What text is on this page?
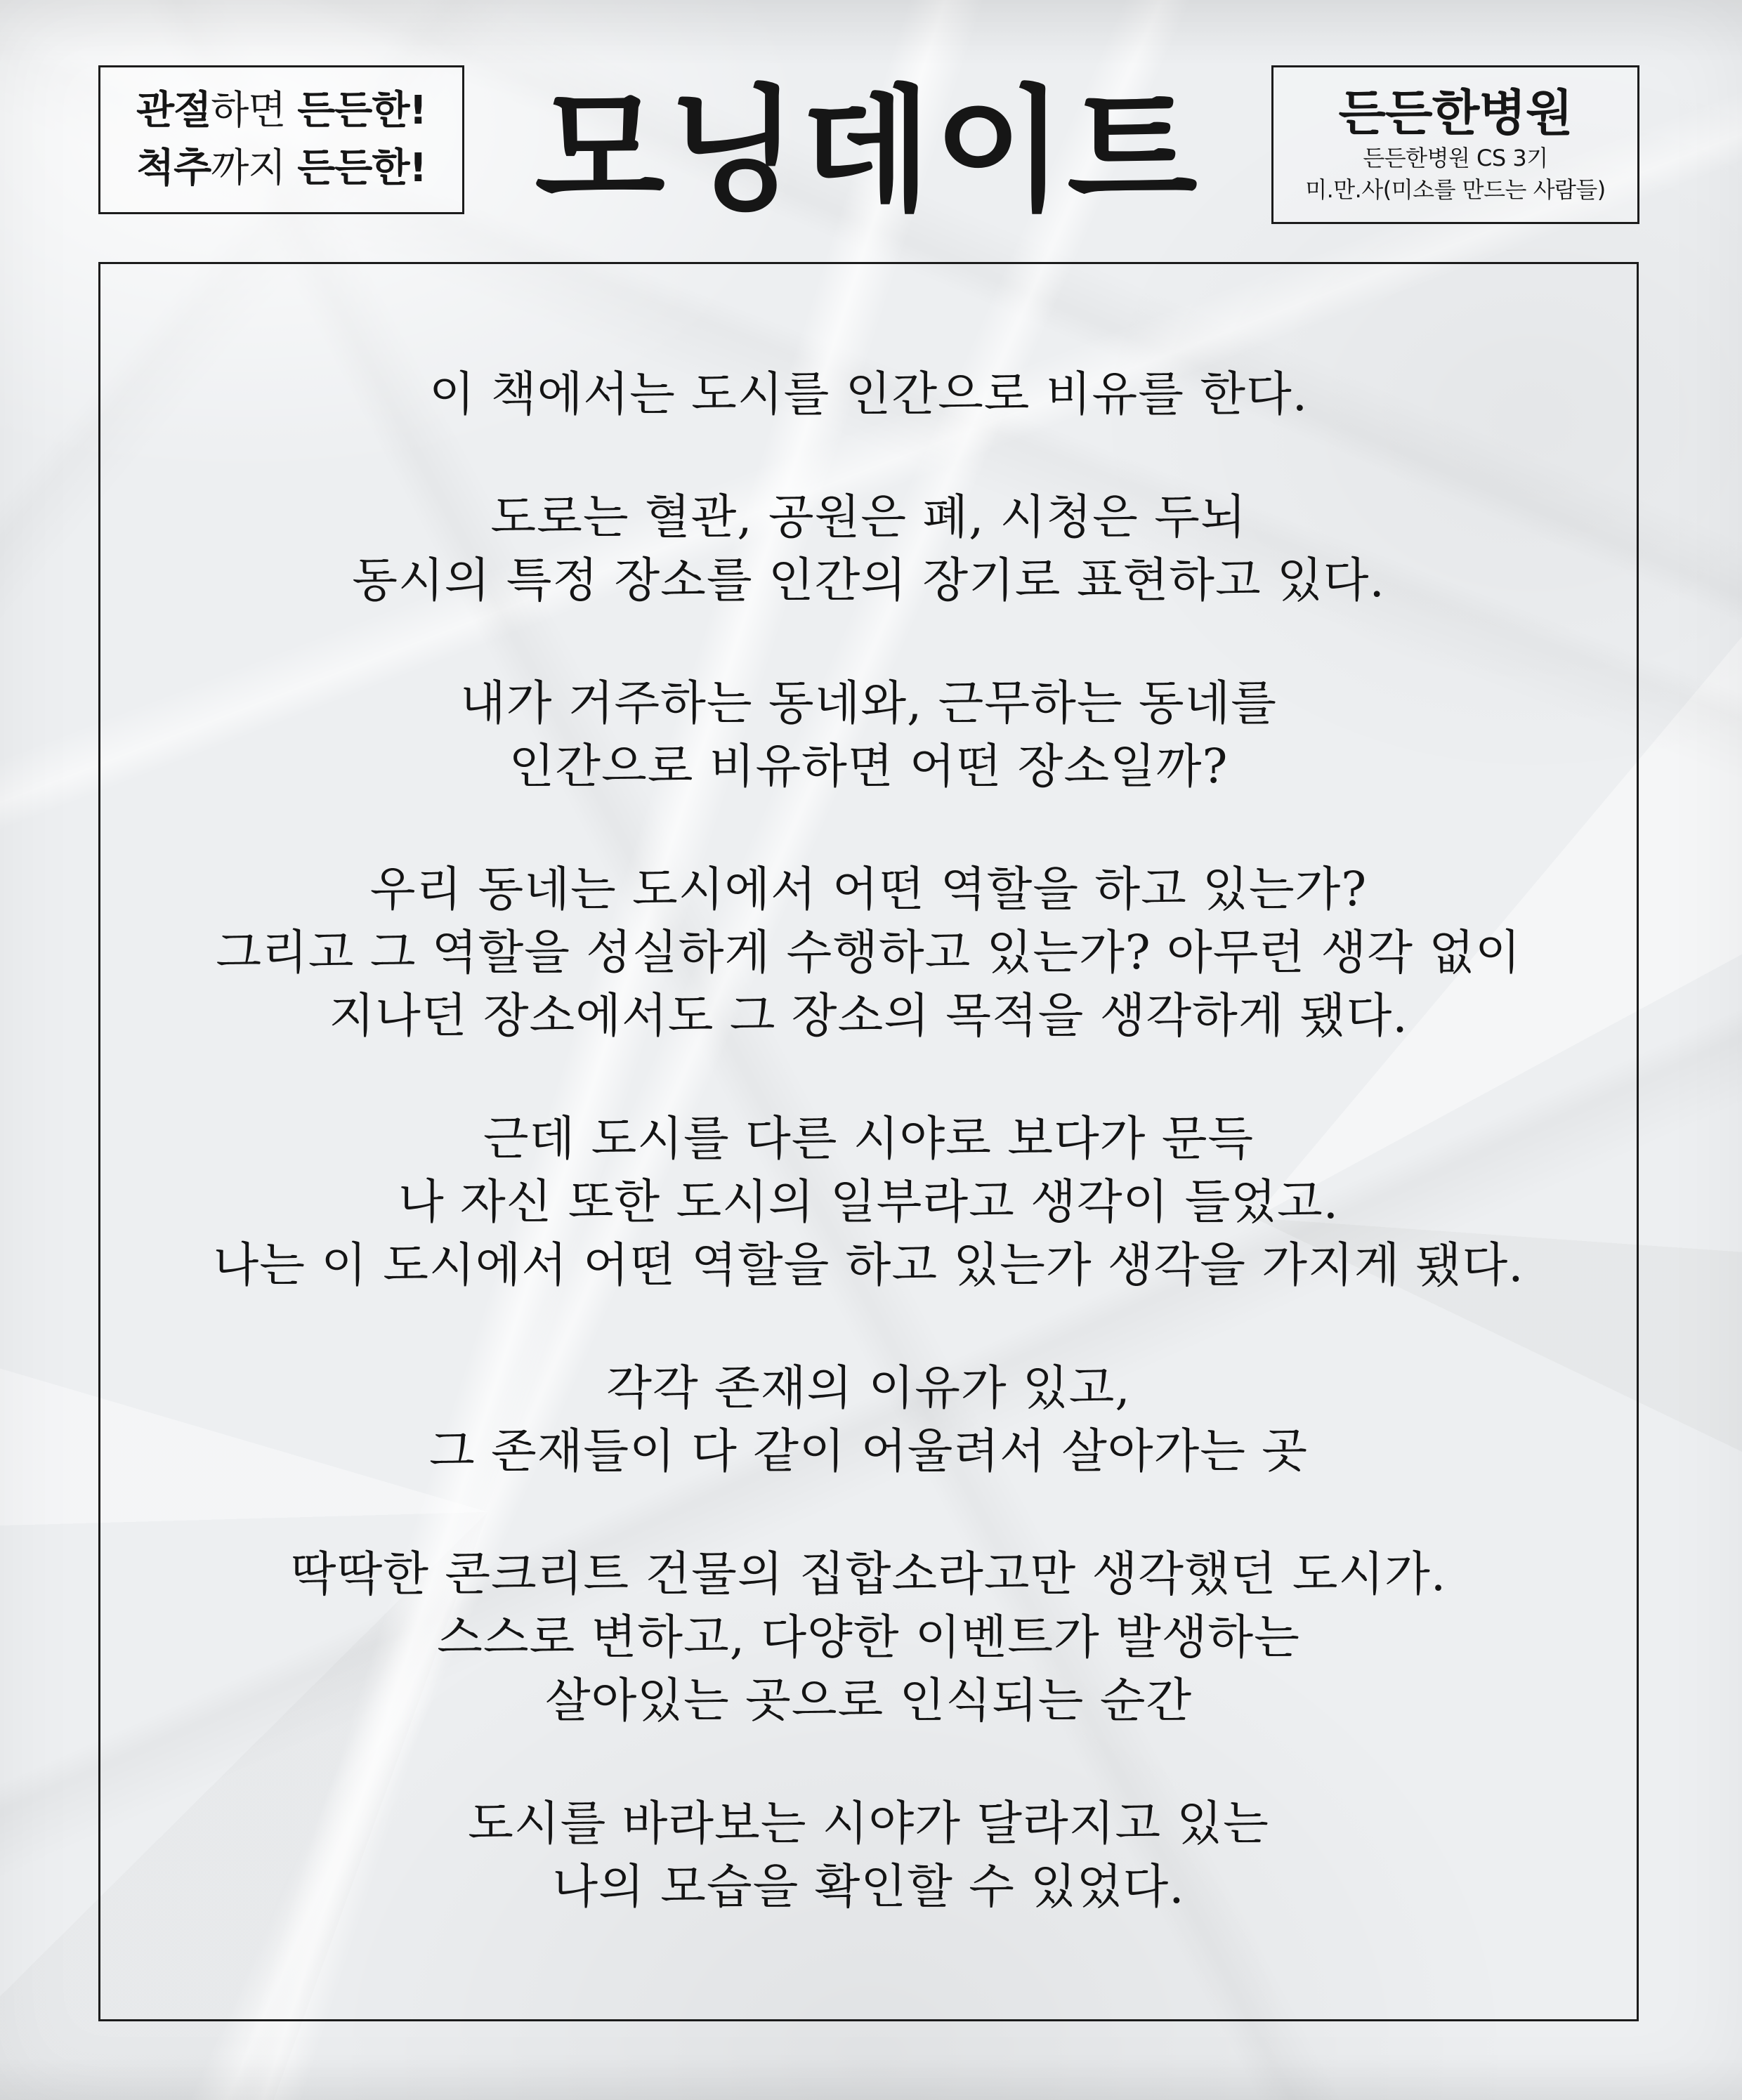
관절하면 든든한!
척추까지 든든한! 모닝데이트	든든한병원
든든한병원 CS 3기
미.만.사(미소를 만드는 사람들)

이 책에서는 도시를 인간으로 비유를 한다.

도로는 혈관, 공원은 폐, 시청은 두뇌
동시의 특정 장소를 인간의 장기로 표현하고 있다.

내가 거주하는 동네와, 근무하는 동네를
인간으로 비유하면 어떤 장소일까?

우리 동네는 도시에서 어떤 역할을 하고 있는가?
그리고 그 역할을 성실하게 수행하고 있는가? 아무런 생각 없이
지나던 장소에서도 그 장소의 목적을 생각하게 됐다.

근데 도시를 다른 시야로 보다가 문득
나 자신 또한 도시의 일부라고 생각이 들었고.
나는 이 도시에서 어떤 역할을 하고 있는가 생각을 가지게 됐다.

각각 존재의 이유가 있고,
그 존재들이 다 같이 어울려서 살아가는 곳

딱딱한 콘크리트 건물의 집합소라고만 생각했던 도시가.
스스로 변하고, 다양한 이벤트가 발생하는
살아있는 곳으로 인식되는 순간

도시를 바라보는 시야가 달라지고 있는
나의 모습을 확인할 수 있었다.
